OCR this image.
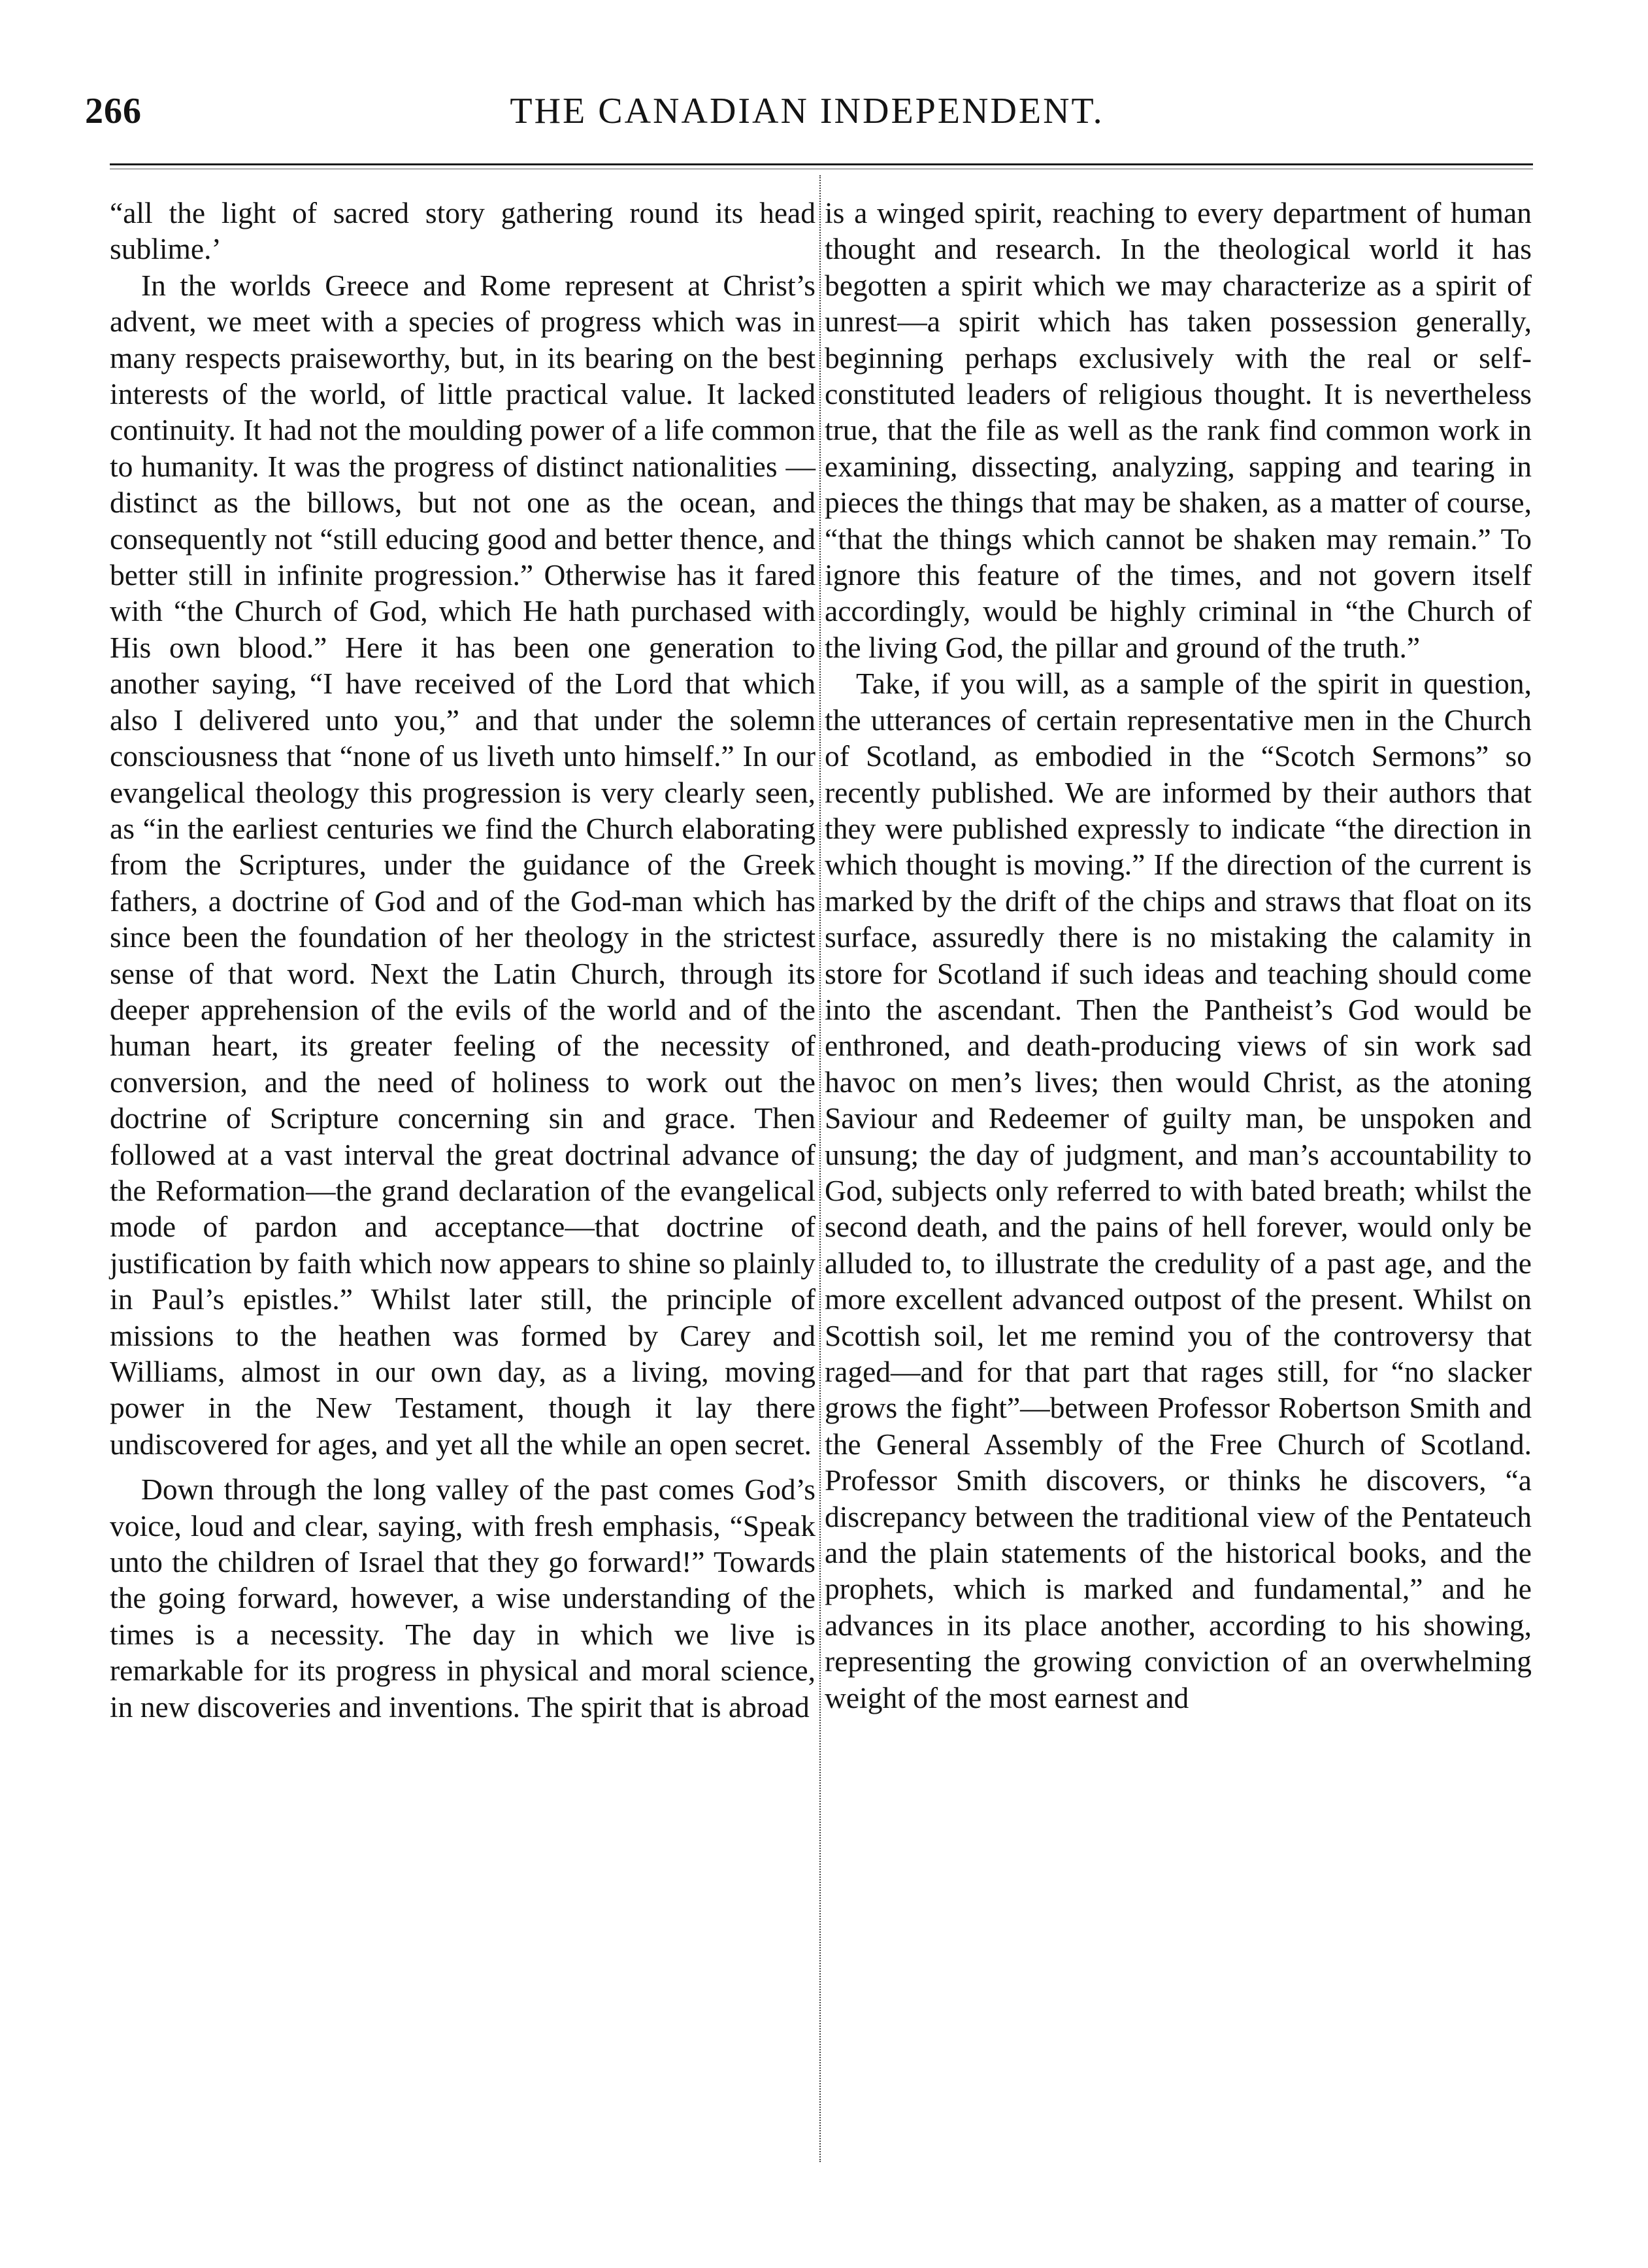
266	THE CANADIAN INDEPENDENT.

“all the light of sacred story gathering round its head sublime.’

In the worlds Greece and Rome represent at Christ’s advent, we meet with a species of progress which was in many respects praiseworthy, but, in its bearing on the best interests of the world, of little practical value. It lacked continuity. It had not the moulding power of a life common to humanity. It was the progress of distinct nationalities —distinct as the billows, but not one as the ocean, and consequently not “still educing good and better thence, and better still in infinite progression.” Otherwise has it fared with “the Church of God, which He hath purchased with His own blood.” Here it has been one generation to another saying, “I have received of the Lord that which also I delivered unto you,” and that under the solemn consciousness that “none of us liveth unto himself.” In our evangelical theology this progression is very clearly seen, as “in the earliest centuries we find the Church elaborating from the Scriptures, under the guidance of the Greek fathers, a doctrine of God and of the God-man which has since been the foundation of her theology in the strictest sense of that word. Next the Latin Church, through its deeper apprehension of the evils of the world and of the human heart, its greater feeling of the necessity of conversion, and the need of holiness to work out the doctrine of Scripture concerning sin and grace. Then followed at a vast interval the great doctrinal advance of the Reformation—the grand declaration of the evangelical mode of pardon and acceptance—that doctrine of justification by faith which now appears to shine so plainly in Paul’s epistles.” Whilst later still, the principle of missions to the heathen was formed by Carey and Williams, almost in our own day, as a living, moving power in the New Testament, though it lay there undiscovered for ages, and yet all the while an open secret.

Down through the long valley of the past comes God’s voice, loud and clear, saying, with fresh emphasis, “Speak unto the children of Israel that they go forward!” Towards the going forward, however, a wise understanding of the times is a necessity. The day in which we live is remarkable for its progress in physical and moral science, in new discoveries and inventions. The spirit that is abroad

is a winged spirit, reaching to every department of human thought and research. In the theological world it has begotten a spirit which we may characterize as a spirit of unrest—a spirit which has taken possession generally, beginning perhaps exclusively with the real or self-constituted leaders of religious thought. It is nevertheless true, that the file as well as the rank find common work in examining, dissecting, analyzing, sapping and tearing in pieces the things that may be shaken, as a matter of course, “that the things which cannot be shaken may remain.” To ignore this feature of the times, and not govern itself accordingly, would be highly criminal in “the Church of the living God, the pillar and ground of the truth.”

Take, if you will, as a sample of the spirit in question, the utterances of certain representative men in the Church of Scotland, as embodied in the “Scotch Sermons” so recently published. We are informed by their authors that they were published expressly to indicate “the direction in which thought is moving.” If the direction of the current is marked by the drift of the chips and straws that float on its surface, assuredly there is no mistaking the calamity in store for Scotland if such ideas and teaching should come into the ascendant. Then the Pantheist’s God would be enthroned, and death-producing views of sin work sad havoc on men’s lives; then would Christ, as the atoning Saviour and Redeemer of guilty man, be unspoken and unsung; the day of judgment, and man’s accountability to God, subjects only referred to with bated breath; whilst the second death, and the pains of hell forever, would only be alluded to, to illustrate the credulity of a past age, and the more excellent advanced outpost of the present. Whilst on Scottish soil, let me remind you of the controversy that raged—and for that part that rages still, for “no slacker grows the fight”—between Professor Robertson Smith and the General Assembly of the Free Church of Scotland. Professor Smith discovers, or thinks he discovers, “a discrepancy between the traditional view of the Pentateuch and the plain statements of the historical books, and the prophets, which is marked and fundamental,” and he advances in its place another, according to his showing, representing the growing conviction of an overwhelming weight of the most earnest and
